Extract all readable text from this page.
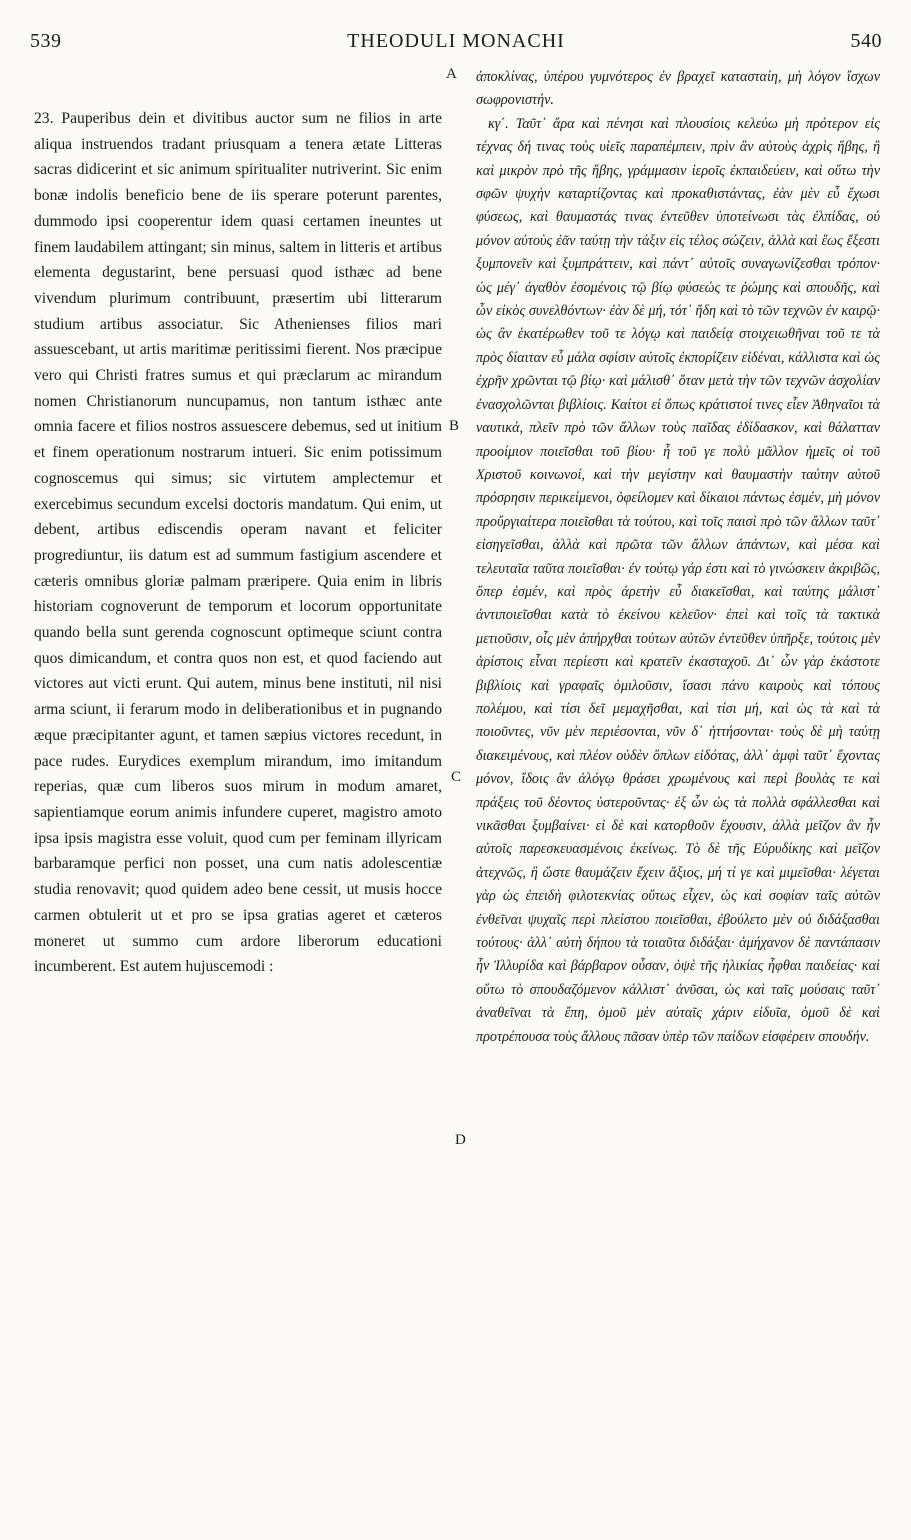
539	THEODULI MONACHI	540
A
B
C
D

23. Pauperibus dein et divitibus auctor sum ne filios in arte aliqua instruendos tradant priusquam a tenera ætate Litteras sacras didicerint et sic animum spiritualiter nutriverint. Sic enim bonæ indolis beneficio bene de iis sperare poterunt parentes, dummodo ipsi cooperentur idem quasi certamen ineuntes ut finem laudabilem attingant; sin minus, saltem in litteris et artibus elementa degustarint, bene persuasi quod isthæc ad bene vivendum plurimum contribuunt, præsertim ubi litterarum studium artibus associatur. Sic Athenienses filios mari assuescebant, ut artis maritimæ peritissimi fierent. Nos præcipue vero qui Christi fratres sumus et qui præclarum ac mirandum nomen Christianorum nuncupamus, non tantum isthæc ante omnia facere et filios nostros assuescere debemus, sed ut initium et finem operationum nostrarum intueri. Sic enim potissimum cognoscemus qui simus; sic virtutem amplectemur et exercebimus secundum excelsi doctoris mandatum. Qui enim, ut debent, artibus ediscendis operam navant et feliciter progrediuntur, iis datum est ad summum fastigium ascendere et cæteris omnibus gloriæ palmam præripere. Quia enim in libris historiam cognoverunt de temporum et locorum opportunitate quando bella sunt gerenda cognoscunt optimeque sciunt contra quos dimicandum, et contra quos non est, et quod faciendo aut victores aut victi erunt. Qui autem, minus bene instituti, nil nisi arma sciunt, ii ferarum modo in deliberationibus et in pugnando æque præcipitanter agunt, et tamen sæpius victores recedunt, in pace rudes. Eurydices exemplum mirandum, imo imitandum reperias, quæ cum liberos suos mirum in modum amaret, sapientiamque eorum animis infundere cuperet, magistro amoto ipsa ipsis magistra esse voluit, quod cum per feminam illyricam barbaramque perfici non posset, una cum natis adolescentiæ studia renovavit; quod quidem adeo bene cessit, ut musis hocce carmen obtulerit ut et pro se ipsa gratias ageret et cæteros moneret ut summo cum ardore liberorum educationi incumberent. Est autem hujuscemodi :

ἀποκλίνας, ὑπέρου γυμνότερος ἐν βραχεῖ κατασταίη, μὴ λόγον ἴσχων σωφρονιστήν.

κγ΄. Ταῦτ᾿ ἄρα καὶ πένησι καὶ πλουσίοις κελεύω μὴ πρότερον εἰς τέχνας δή τινας τοὺς υἱεῖς παραπέμπειν, πρὶν ἂν αὐτοὺς ἀχρὶς ἥβης, ἢ καὶ μικρὸν πρὸ τῆς ἥβης, γράμμασιν ἱεροῖς ἐκπαιδεύειν, καὶ οὕτω τὴν σφῶν ψυχὴν καταρτίζοντας καὶ προκαθιστάντας, ἐὰν μὲν εὖ ἔχωσι φύσεως, καὶ θαυμαστάς τινας ἐντεῦθεν ὑποτείνωσι τὰς ἐλπίδας, οὐ μόνον αὐτοὺς ἐᾶν ταύτῃ τὴν τάξιν εἰς τέλος σώζειν, ἀλλὰ καὶ ἕως ἔξεστι ξυμπονεῖν καὶ ξυμπράττειν, καὶ πάντ᾿ αὐτοῖς συναγωνίζεσθαι τρόπον· ὡς μέγ᾿ ἀγαθὸν ἐσομένοις τῷ βίῳ φύσεώς τε ῥώμης καὶ σπουδῆς, καὶ ὧν εἰκὸς συνελθόντων· ἐὰν δὲ μή, τότ᾿ ἤδη καὶ τὸ τῶν τεχνῶν ἐν καιρῷ· ὡς ἂν ἑκατέρωθεν τοῦ τε λόγῳ καὶ παιδείᾳ στοιχειωθῆναι τοῦ τε τὰ πρὸς δίαιταν εὖ μάλα σφίσιν αὐτοῖς ἐκπορίζειν εἰδέναι, κάλλιστα καὶ ὡς ἐχρῆν χρῶνται τῷ βίῳ· καὶ μάλισθ᾿ ὅταν μετὰ τὴν τῶν τεχνῶν ἀσχολίαν ἐνασχολῶνται βιβλίοις. Καίτοι εἰ ὅπως κράτιστοί τινες εἶεν Ἀθηναῖοι τὰ ναυτικά, πλεῖν πρὸ τῶν ἄλλων τοὺς παῖδας ἐδίδασκον, καὶ θάλατταν προοίμιον ποιεῖσθαι τοῦ βίου· ἦ τοῦ γε πολὺ μᾶλλον ἡμεῖς οἱ τοῦ Χριστοῦ κοινωνοί, καὶ τὴν μεγίστην καὶ θαυμαστὴν ταύτην αὐτοῦ πρόσρησιν περικείμενοι, ὀφείλομεν καὶ δίκαιοι πάντως ἐσμέν, μὴ μόνον προὔργιαίτερα ποιεῖσθαι τὰ τούτου, καὶ τοῖς παισὶ πρὸ τῶν ἄλλων ταῦτ᾿ εἰσηγεῖσθαι, ἀλλὰ καὶ πρῶτα τῶν ἄλλων ἁπάντων, καὶ μέσα καὶ τελευταῖα ταῦτα ποιεῖσθαι· ἐν τούτῳ γάρ ἐστι καὶ τὸ γινώσκειν ἀκριβῶς, ὅπερ ἐσμέν, καὶ πρὸς ἀρετὴν εὖ διακεῖσθαι, καὶ ταύτης μάλιστ᾿ ἀντιποιεῖσθαι κατὰ τὸ ἐκείνου κελεῦον· ἐπεὶ καὶ τοῖς τὰ τακτικὰ μετιοῦσιν, οἷς μὲν ἀπήρχθαι τούτων αὐτῶν ἐντεῦθεν ὑπῆρξε, τούτοις μὲν ἀρίστοις εἶναι περίεστι καὶ κρατεῖν ἑκασταχοῦ. Δι᾿ ὧν γὰρ ἑκάστοτε βιβλίοις καὶ γραφαῖς ὁμιλοῦσιν, ἴσασι πάνυ καιροὺς καὶ τόπους πολέμου, καὶ τίσι δεῖ μεμαχῆσθαι, καὶ τίσι μή, καὶ ὡς τὰ καὶ τὰ ποιοῦντες, νῦν μὲν περιέσονται, νῦν δ᾿ ἡττήσονται· τοὺς δὲ μὴ ταύτῃ διακειμένους, καὶ πλέον οὐδὲν ὅπλων εἰδότας, ἀλλ᾿ ἀμφὶ ταῦτ᾿ ἔχοντας μόνον, ἴδοις ἂν ἀλόγῳ θράσει χρωμένους καὶ περὶ βουλὰς τε καὶ πράξεις τοῦ δέοντος ὑστεροῦντας· ἐξ ὧν ὡς τὰ πολλὰ σφάλλεσθαι καὶ νικᾶσθαι ξυμβαίνει· εἰ δὲ καὶ κατορθοῦν ἔχουσιν, ἀλλὰ μεῖζον ἂν ἦν αὐτοῖς παρεσκευασμένοις ἐκείνως. Τὸ δὲ τῆς Εὐρυδίκης καὶ μεῖζον ἀτεχνῶς, ἢ ὥστε θαυμάζειν ἔχειν ἄξιος, μή τί γε καὶ μιμεῖσθαι· λέγεται γὰρ ὡς ἐπειδὴ φιλοτεκνίας οὕτως εἶχεν, ὡς καὶ σοφίαν ταῖς αὐτῶν ἐνθεῖναι ψυχαῖς περὶ πλείστου ποιεῖσθαι, ἐβούλετο μὲν οὐ διδάξασθαι τούτους· ἀλλ᾿ αὐτὴ δήπου τὰ τοιαῦτα διδάξαι· ἀμήχανον δὲ παντάπασιν ἦν Ἰλλυρίδα καὶ βάρβαρον οὖσαν, ὀψὲ τῆς ἡλικίας ἧφθαι παιδείας· καὶ οὕτω τὸ σπουδαζόμενον κάλλιστ᾿ ἀνῦσαι, ὡς καὶ ταῖς μούσαις ταῦτ᾿ ἀναθεῖναι τὰ ἔπη, ὁμοῦ μὲν αὐταῖς χάριν εἰδυῖα, ὁμοῦ δὲ καὶ προτρέπουσα τοὺς ἄλλους πᾶσαν ὑπὲρ τῶν παίδων εἰσφέρειν σπουδήν.
